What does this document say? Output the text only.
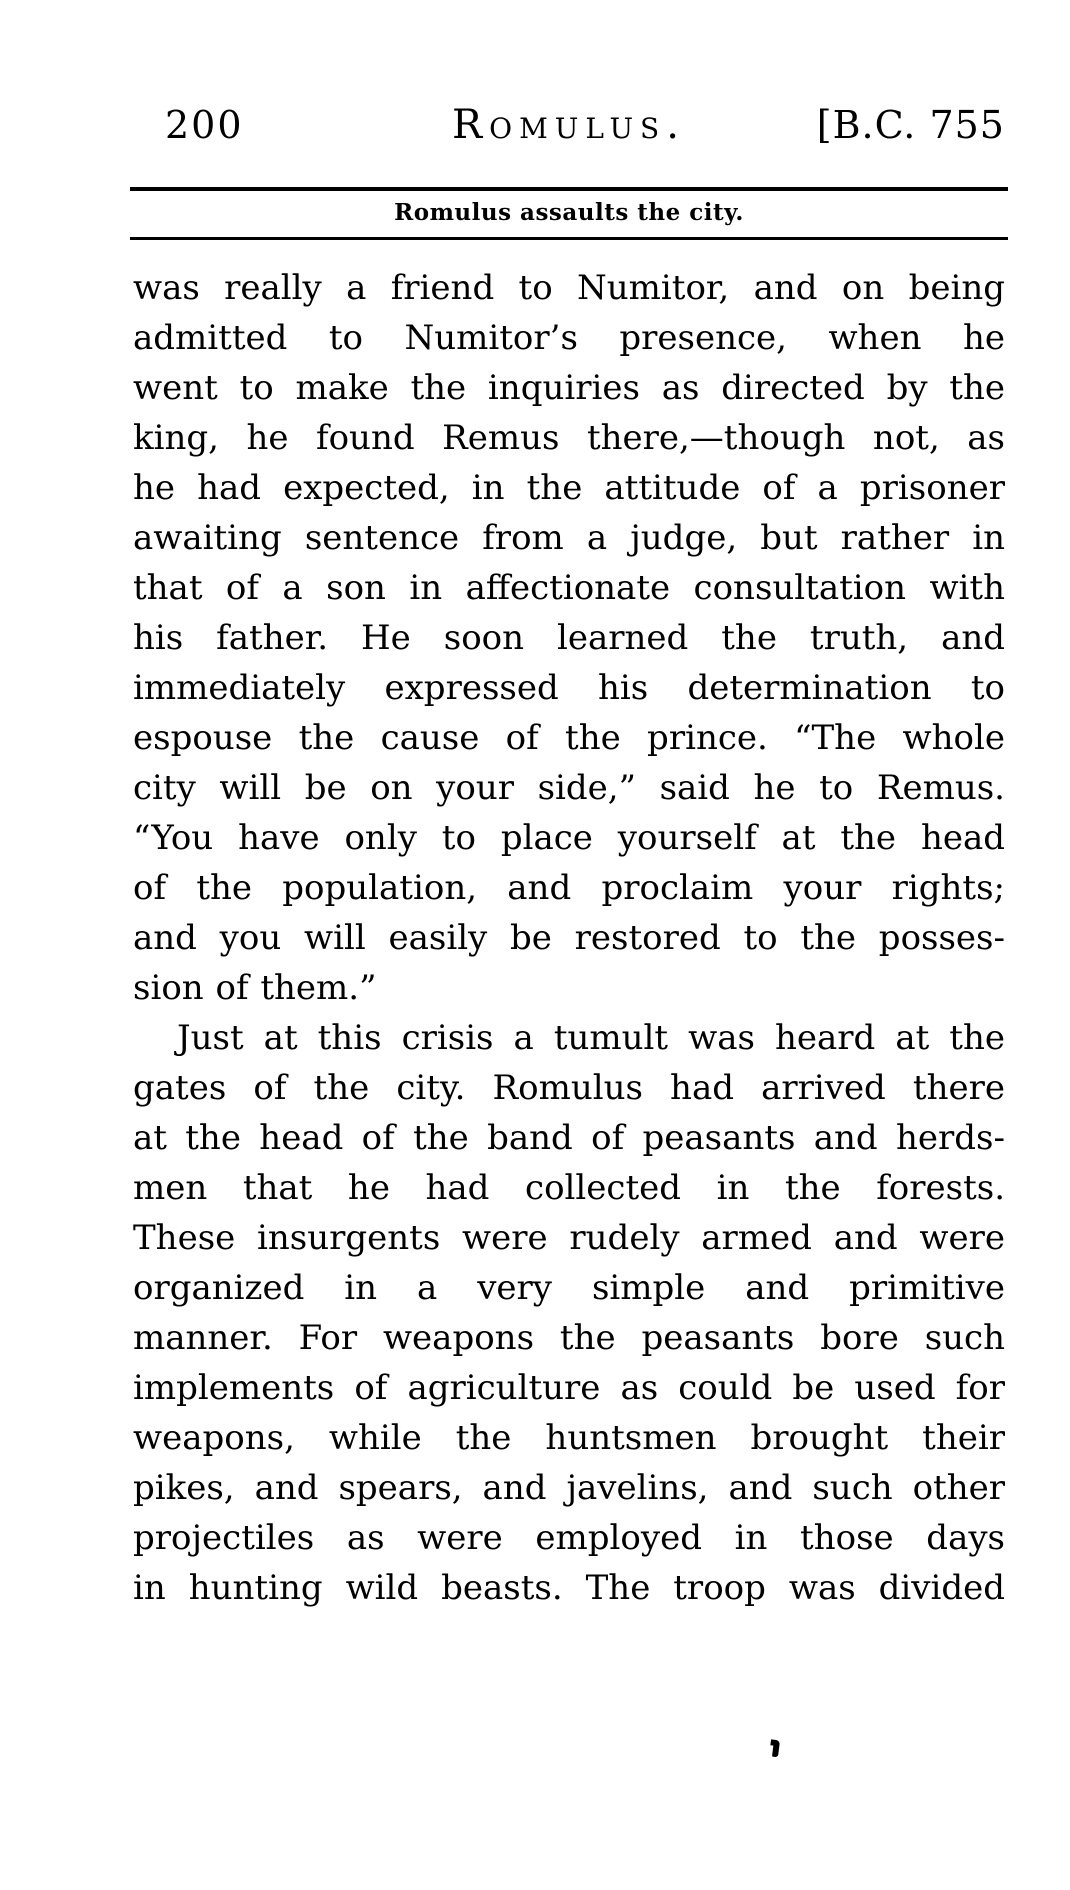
200	Romulus.	[B.C. 755
Romulus assaults the city.
was really a friend to Numitor, and on being
admitted to Numitor’s presence, when he
went to make the inquiries as directed by the
king, he found Remus there,—though not, as
he had expected, in the attitude of a prisoner
awaiting sentence from a judge, but rather in
that of a son in affectionate consultation with
his father. He soon learned the truth, and
immediately expressed his determination to
espouse the cause of the prince. “The whole
city will be on your side,” said he to Remus.
“You have only to place yourself at the head
of the population, and proclaim your rights;
and you will easily be restored to the posses-
sion of them.”
Just at this crisis a tumult was heard at the
gates of the city. Romulus had arrived there
at the head of the band of peasants and herds-
men that he had collected in the forests.
These insurgents were rudely armed and were
organized in a very simple and primitive
manner. For weapons the peasants bore such
implements of agriculture as could be used for
weapons, while the huntsmen brought their
pikes, and spears, and javelins, and such other
projectiles as were employed in those days
in hunting wild beasts. The troop was divided
